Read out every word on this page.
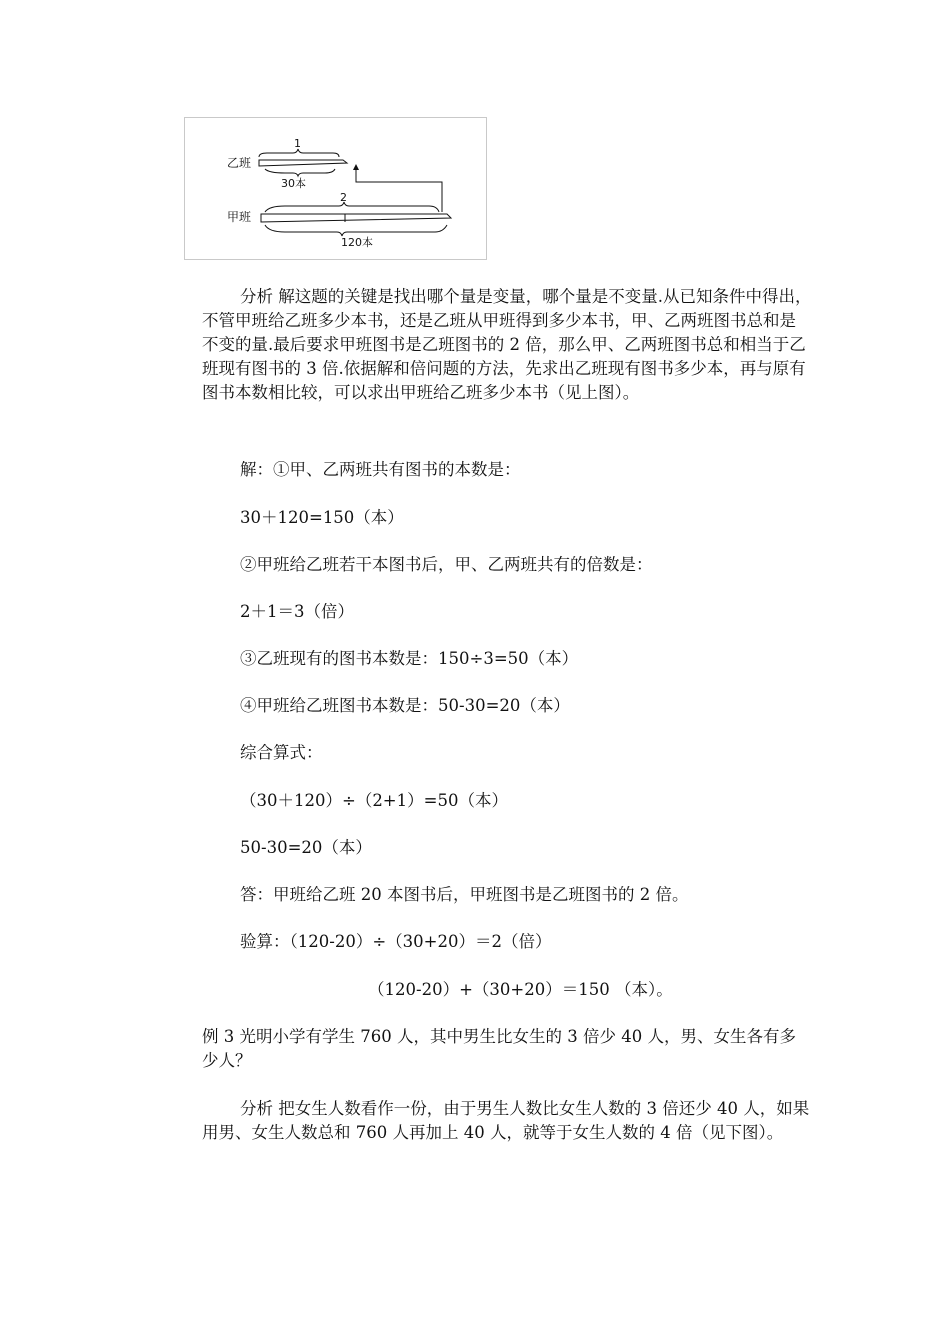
乙班
1
30本
甲班
2
120本

分析 解这题的关键是找出哪个量是变量，哪个量是不变量.从已知条件中得出，不管甲班给乙班多少本书，还是乙班从甲班得到多少本书，甲、乙两班图书总和是不变的量.最后要求甲班图书是乙班图书的 2 倍，那么甲、乙两班图书总和相当于乙班现有图书的 3 倍.依据解和倍问题的方法，先求出乙班现有图书多少本，再与原有图书本数相比较，可以求出甲班给乙班多少本书（见上图）。

解：①甲、乙两班共有图书的本数是：
30＋120=150（本）
②甲班给乙班若干本图书后，甲、乙两班共有的倍数是：
2＋1＝3（倍）
③乙班现有的图书本数是：150÷3=50（本）
④甲班给乙班图书本数是：50-30=20（本）
综合算式：
（30＋120）÷（2+1）=50（本）
50-30=20（本）
答：甲班给乙班 20 本图书后，甲班图书是乙班图书的 2 倍。
验算：（120-20）÷（30+20）＝2（倍）
（120-20）+（30+20）＝150 （本）。

例 3 光明小学有学生 760 人，其中男生比女生的 3 倍少 40 人，男、女生各有多少人？

分析 把女生人数看作一份，由于男生人数比女生人数的 3 倍还少 40 人，如果用男、女生人数总和 760 人再加上 40 人，就等于女生人数的 4 倍（见下图）。
